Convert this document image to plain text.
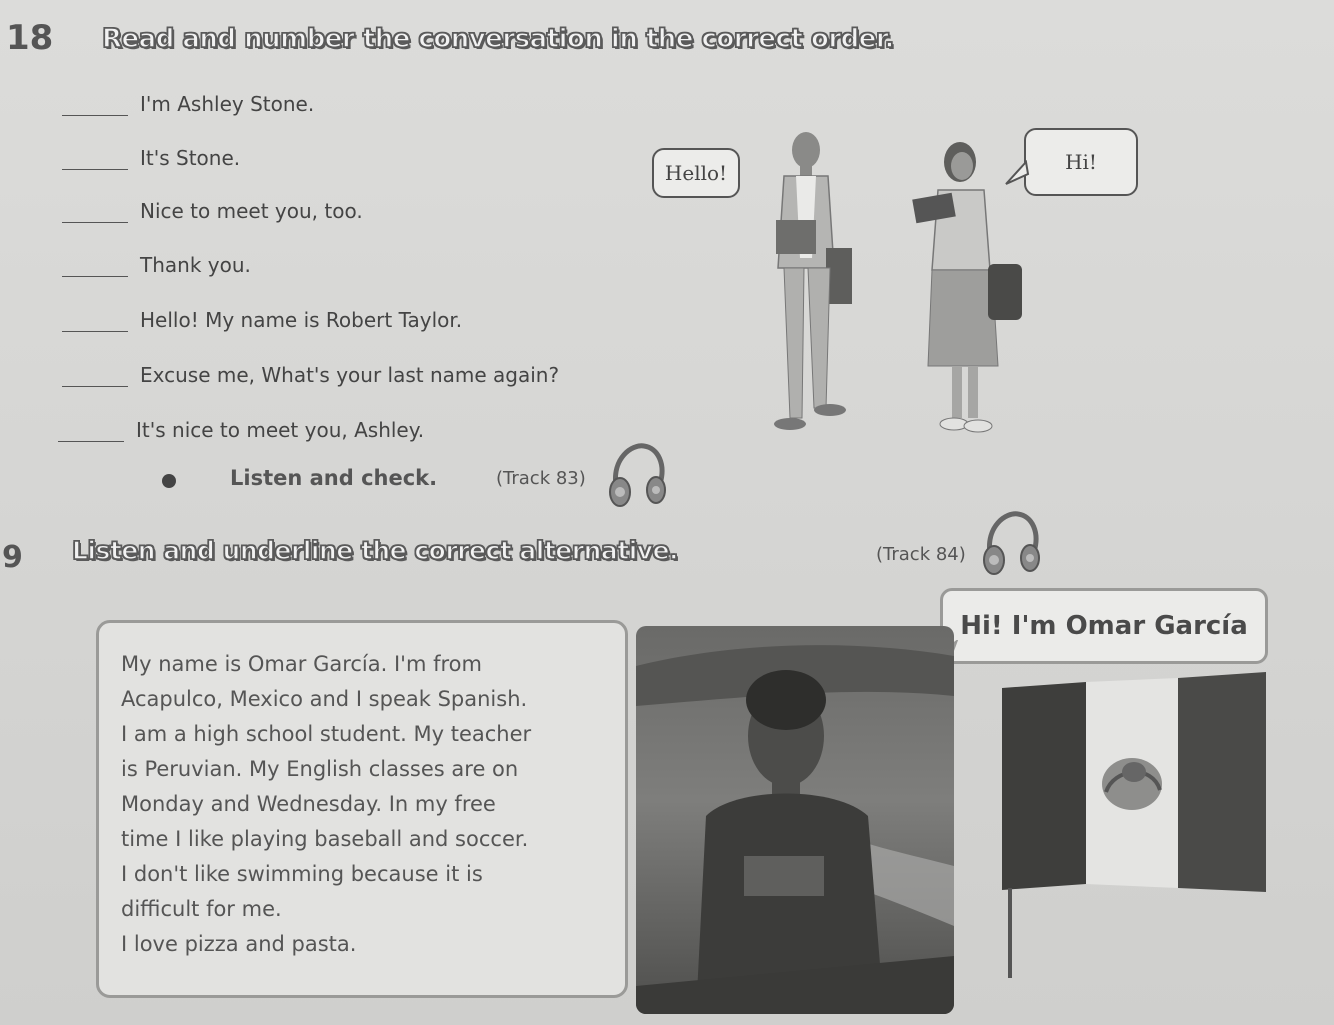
18 Read and number the conversation in the correct order.
I'm Ashley Stone.
It's Stone.
Nice to meet you, too.
Thank you.
Hello! My name is Robert Taylor.
Excuse me, What's your last name again?
It's nice to meet you, Ashley.
Listen and check.	(Track 83)
Hello!	Hi!
9 Listen and underline the correct alternative.	(Track 84)
Hi! I'm Omar García

My name is Omar García. I'm from

Acapulco, Mexico and I speak Spanish.

I am a high school student. My teacher

is Peruvian. My English classes are on

Monday and Wednesday. In my free

time I like playing baseball and soccer.

I don't like swimming because it is

difficult for me.

I love pizza and pasta.
